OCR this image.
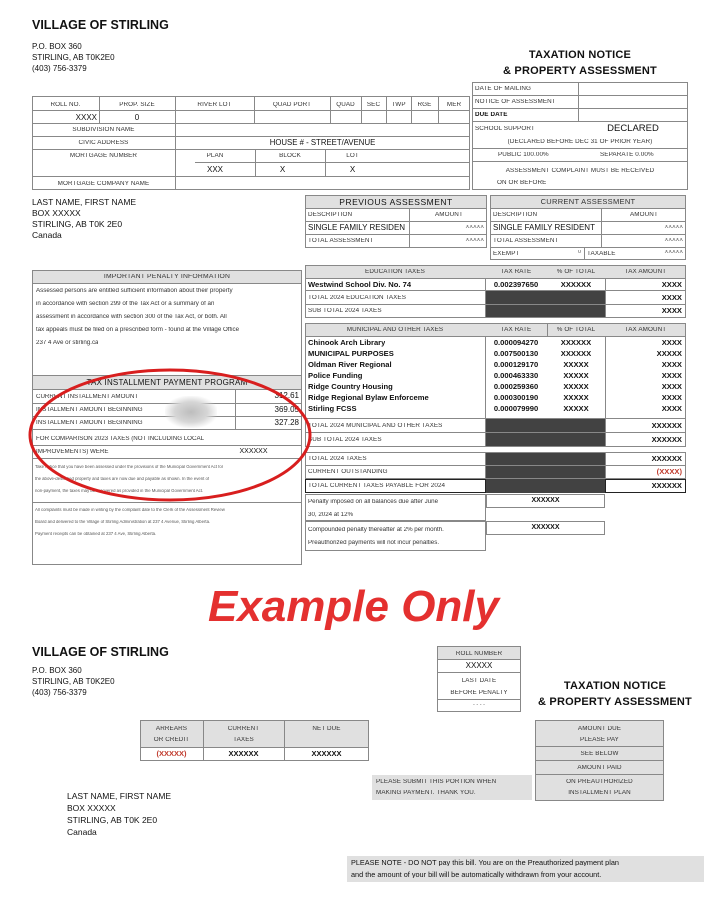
VILLAGE OF STIRLING
P.O. BOX 360
STIRLING, AB T0K2E0
(403) 756-3379
TAXATION NOTICE
& PROPERTY ASSESSMENT
DATE OF MAILING
NOTICE OF ASSESSMENT
DUE DATE
SCHOOL SUPPORT	DECLARED
(DECLARED BEFORE DEC 31 OF PRIOR YEAR)
PUBLIC 100.00%	SEPARATE 0.00%
ASSESSMENT COMPLAINT MUST BE RECEIVED
ON OR BEFORE
ROLL NO.	PROP. SIZE	RIVER LOT	QUAD PORT	QUAD	SEC	TWP	RGE	MER
XXXX	0
SUBDIVISION NAME
CIVIC ADDRESS	HOUSE # - STREET/AVENUE
MORTGAGE NUMBER	PLAN	BLOCK	LOT
XXX	X	X
MORTGAGE COMPANY NAME
LAST NAME, FIRST NAME
BOX XXXXX
STIRLING, AB T0K 2E0
Canada
PREVIOUS ASSESSMENT
DESCRIPTION	AMOUNT
SINGLE FAMILY RESIDEN	XXXXX
TOTAL ASSESSMENT	XXXXX
CURRENT ASSESSMENT
DESCRIPTION	AMOUNT
SINGLE FAMILY RESIDENT	XXXXX
TOTAL ASSESSMENT	XXXXX
EXEMPT	0 TAXABLE	XXXXX
IMPORTANT PENALTY INFORMATION
Assessed persons are entitled sufficient information about their property
in accordance with section 299 of the Tax Act or a summary of an
assessment in accordance with section 300 of the Tax Act, or both. All
tax appeals must be filed on a prescribed form - found at the Village Office
237 4 Ave or stirling.ca
TAX INSTALLMENT PAYMENT PROGRAM
CURRENT INSTALLMENT AMOUNT	312.61
INSTALLMENT AMOUNT BEGINNING	369.05
INSTALLMENT AMOUNT BEGINNING	327.28
FOR COMPARISON 2023 TAXES (NOT INCLUDING LOCAL
IMPROVEMENTS) WERE	XXXXXX
Take notice that you have been assessed under the provisions of the Municipal Government Act for
the above-described property and taxes are now due and payable as shown. In the event of
non-payment, the taxes may be recovered as provided in the Municipal Government Act.
All complaints must be made in writing by the complaint date to the Clerk of the Assessment Review
Board and delivered to the Village of Stirling Administration at 237 4 Avenue, Stirling Alberta.
Payment receipts can be obtained at 237 4 Ave, Stirling Alberta.
EDUCATION TAXES	TAX RATE	% OF TOTAL	TAX AMOUNT
Westwind School Div. No. 74	0.002397650	XXXXXX	XXXX
TOTAL 2024 EDUCATION TAXES	XXXX
SUB TOTAL 2024 TAXES	XXXX
MUNICIPAL AND OTHER TAXES	TAX RATE	% OF TOTAL	TAX AMOUNT
Chinook Arch Library	0.000094270	XXXXXX	XXXX
MUNICIPAL PURPOSES	0.007500130	XXXXXX	XXXXX
Oldman River Regional	0.000129170	XXXXX	XXXX
Police Funding	0.000463330	XXXXX	XXXX
Ridge Country Housing	0.000259360	XXXXX	XXXX
Ridge Regional Bylaw Enforceme	0.000300190	XXXXX	XXXX
Stirling FCSS	0.000079990	XXXXX	XXXX
TOTAL 2024 MUNICIPAL AND OTHER TAXES	XXXXXX
SUB TOTAL 2024 TAXES	XXXXXX
TOTAL 2024 TAXES	XXXXXX
CURRENT OUTSTANDING	(XXXX)
TOTAL CURRENT TAXES PAYABLE FOR 2024	XXXXXX
Penalty imposed on all balances due after June
30, 2024 at 12%
XXXXXX
Compounded penalty thereafter at 2% per month.
Preauthorized payments will not incur penalties.
XXXXXX
Example Only
VILLAGE OF STIRLING
P.O. BOX 360
STIRLING, AB T0K2E0
(403) 756-3379
ROLL NUMBER
XXXXX
LAST DATE
BEFORE PENALTY
- - - -
TAXATION NOTICE
& PROPERTY ASSESSMENT
ARREARS
OR CREDIT
(XXXXX)
CURRENT
TAXES
XXXXXX
NET DUE
XXXXXX
AMOUNT DUE
PLEASE PAY
SEE BELOW
AMOUNT PAID
ON PREAUTHORIZED
INSTALLMENT PLAN
PLEASE SUBMIT THIS PORTION WHEN
MAKING PAYMENT. THANK YOU.
LAST NAME, FIRST NAME
BOX XXXXX
STIRLING, AB T0K 2E0
Canada
PLEASE NOTE - DO NOT pay this bill. You are on the Preauthorized payment plan
and the amount of your bill will be automatically withdrawn from your account.
